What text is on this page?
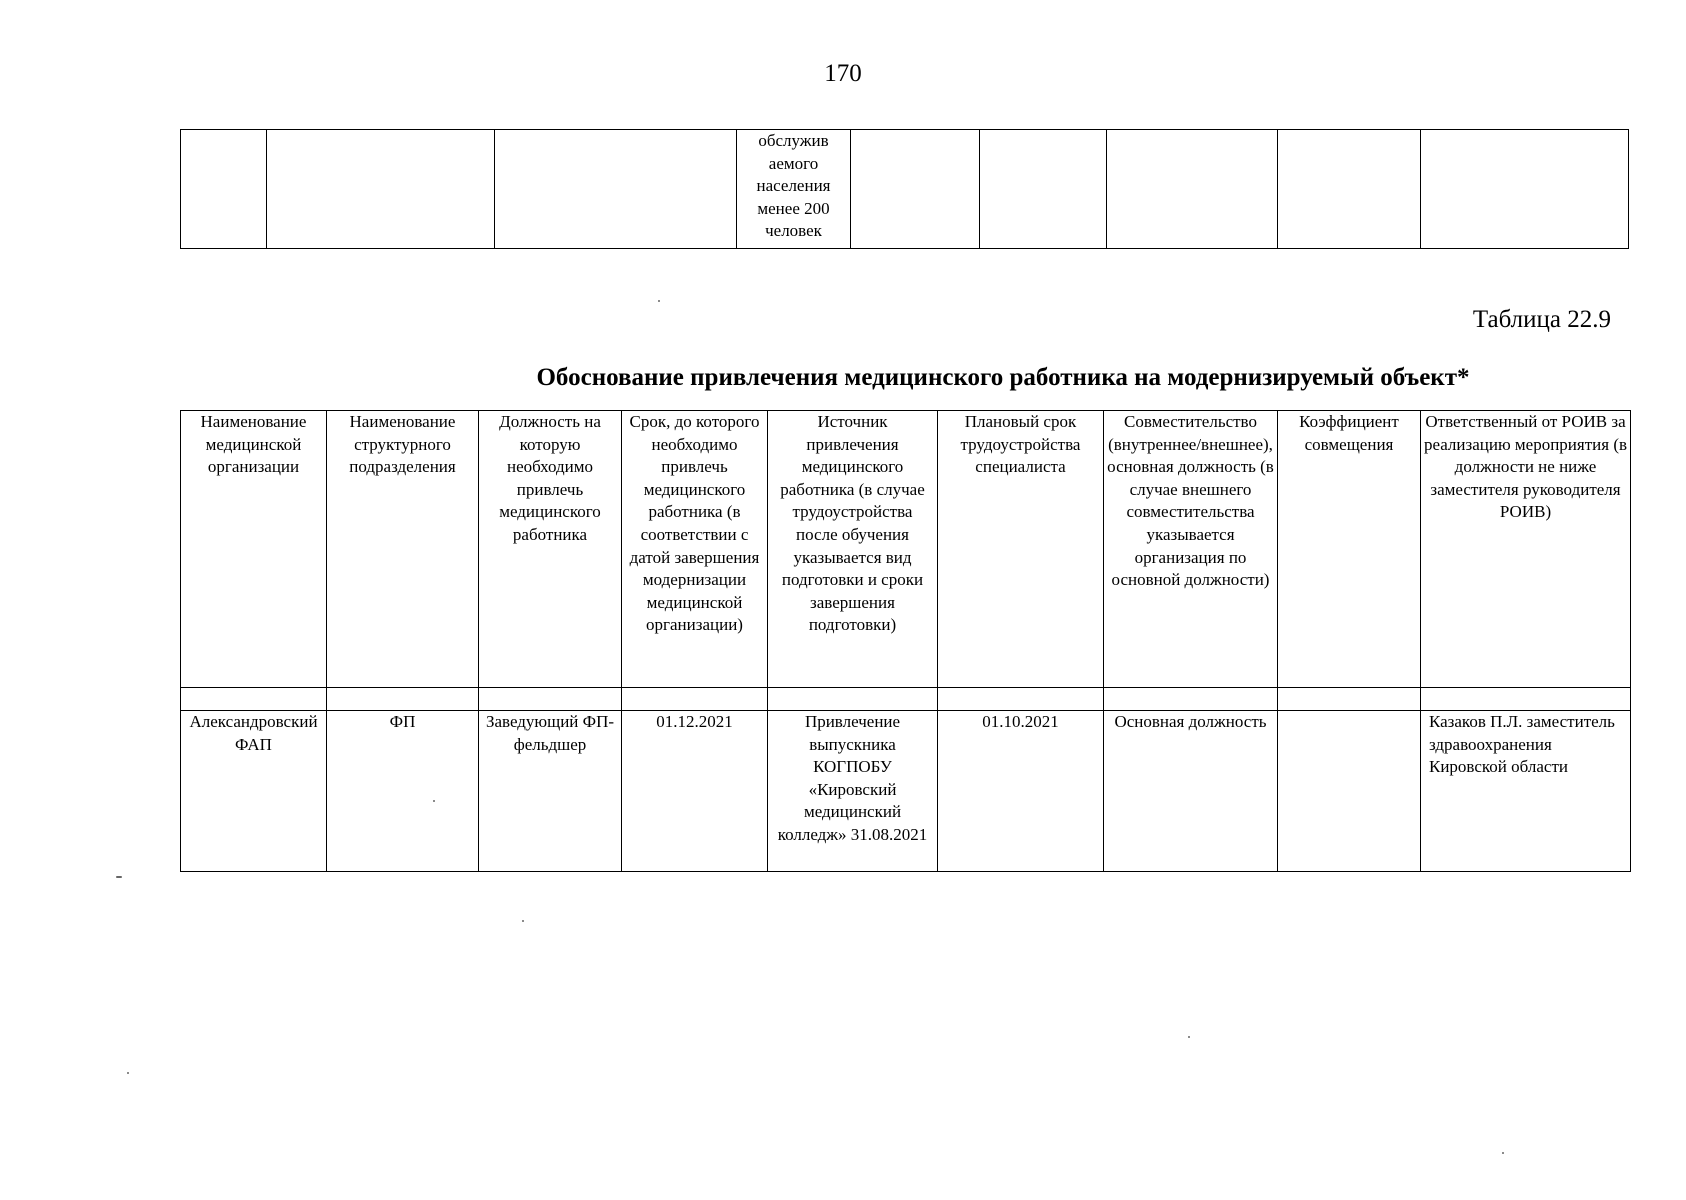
170
			обслужив аемого населения менее 200 человек					
Таблица 22.9
Обоснование привлечения медицинского работника на модернизируемый объект*
Наименование медицинской организации	Наименование структурного подразделения	Должность на которую необходимо привлечь медицинского работника	Срок, до которого необходимо привлечь медицинского работника (в соответствии с датой завершения модернизации медицинской организации)	Источник привлечения медицинского работника (в случае трудоустройства после обучения указывается вид подготовки и сроки завершения подготовки)	Плановый срок трудоустройства специалиста	Совместительство (внутреннее/внешнее), основная должность (в случае внешнего совместительства указывается организация по основной должности)	Коэффициент совмещения	Ответственный от РОИВ за реализацию мероприятия (в должности не ниже заместителя руководителя РОИВ)

Александровский ФАП	ФП	Заведующий ФП-фельдшер	01.12.2021	Привлечение выпускника КОГПОБУ «Кировский медицинский колледж» 31.08.2021	01.10.2021	Основная должность		Казаков П.Л. заместитель здравоохранения Кировской области
